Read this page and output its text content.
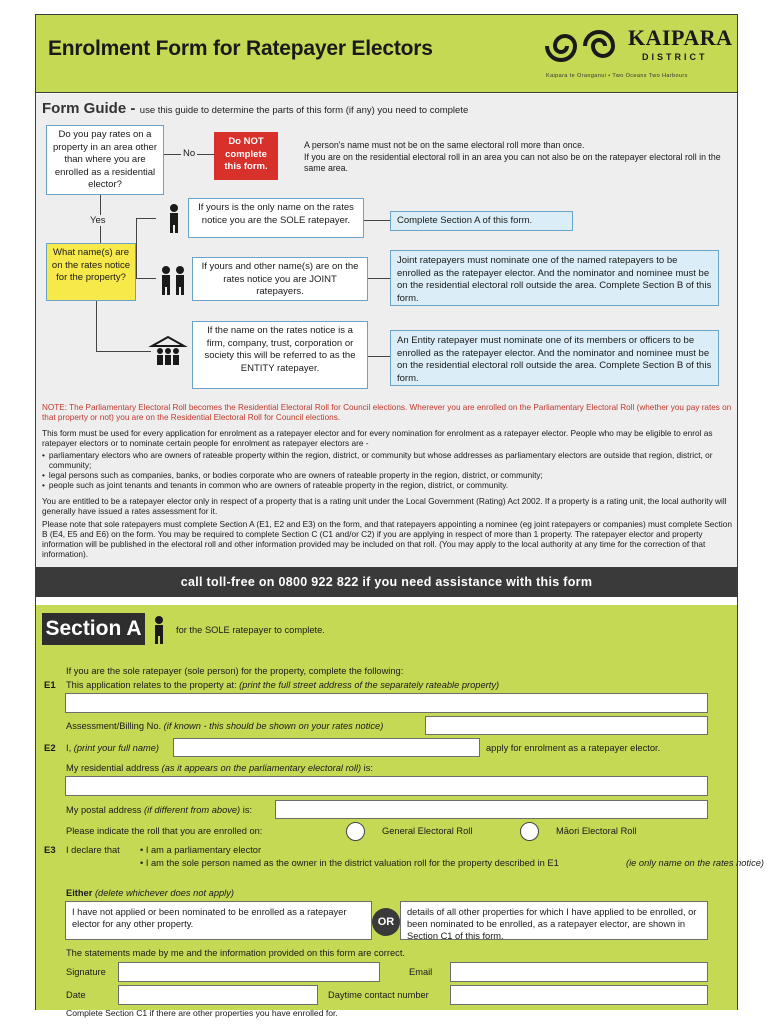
Enrolment Form for Ratepayer Electors	KAIPARA
DISTRICT
Kaipara te Oranganui • Two Oceans Two Harbours
Form Guide - use this guide to determine the parts of this form (if any) you need to complete
Do you pay rates on a property in an area other than where you are enrolled as a residential elector?
No
Do NOT complete this form.
A person's name must not be on the same electoral roll more than once.
If you are on the residential electoral roll in an area you can not also be on the ratepayer electoral roll in the same area.
Yes
What name(s) are on the rates notice for the property?
If yours is the only name on the rates notice you are the SOLE ratepayer.	Complete Section A of this form.
If yours and other name(s) are on the rates notice you are JOINT ratepayers.
Joint ratepayers must nominate one of the named ratepayers to be enrolled as the ratepayer elector. And the nominator and nominee must be on the residential electoral roll outside the area. Complete Section B of this form.
If the name on the rates notice is a firm, company, trust, corporation or society this will be referred to as the ENTITY ratepayer.
An Entity ratepayer must nominate one of its members or officers to be enrolled as the ratepayer elector. And the nominator and nominee must be on the residential electoral roll outside the area. Complete Section B of this form.
NOTE: The Parliamentary Electoral Roll becomes the Residential Electoral Roll for Council elections. Wherever you are enrolled on the Parliamentary Electoral Roll (whether you pay rates on that property or not) you are on the Residential Electoral Roll for Council elections.
This form must be used for every application for enrolment as a ratepayer elector and for every nomination for enrolment as a ratepayer elector. People who may be eligible to enrol as ratepayer electors or to nominate certain people for enrolment as ratepayer electors are -
• parliamentary electors who are owners of rateable property within the region, district, or community but whose addresses as parliamentary electors are outside that region, district, or community;
• legal persons such as companies, banks, or bodies corporate who are owners of rateable property in the region, district, or community;
• people such as joint tenants and tenants in common who are owners of rateable property in the region, district, or community.
You are entitled to be a ratepayer elector only in respect of a property that is a rating unit under the Local Government (Rating) Act 2002. If a property is a rating unit, the local authority will generally have issued a rates assessment for it.
Please note that sole ratepayers must complete Section A (E1, E2 and E3) on the form, and that ratepayers appointing a nominee (eg joint ratepayers or companies) must complete Section B (E4, E5 and E6) on the form. You may be required to complete Section C (C1 and/or C2) if you are applying in respect of more than 1 property. The ratepayer elector and property information will be published in the electoral roll and other information provided may be included on that roll. (You may apply to the local authority at any time for the correction of that information).
call toll-free on 0800 922 822 if you need assistance with this form
Section A	for the SOLE ratepayer to complete.
If you are the sole ratepayer (sole person) for the property, complete the following:
E1 This application relates to the property at: (print the full street address of the separately rateable property)
Assessment/Billing No. (if known - this should be shown on your rates notice)
E2 I, (print your full name)	apply for enrolment as a ratepayer elector.
My residential address (as it appears on the parliamentary electoral roll) is:
My postal address (if different from above) is:
Please indicate the roll that you are enrolled on:	General Electoral Roll	Māori Electoral Roll
E3 I declare that • I am a parliamentary elector
• I am the sole person named as the owner in the district valuation roll for the property described in E1	(ie only name on the rates notice)
Either (delete whichever does not apply)
I have not applied or been nominated to be enrolled as a ratepayer elector for any other property.	OR
details of all other properties for which I have applied to be enrolled, or been nominated to be enrolled, as a ratepayer elector, are shown in Section C1 of this form.
The statements made by me and the information provided on this form are correct.
Signature	Email
Date	Daytime contact number
Complete Section C1 if there are other properties you have enrolled for.
